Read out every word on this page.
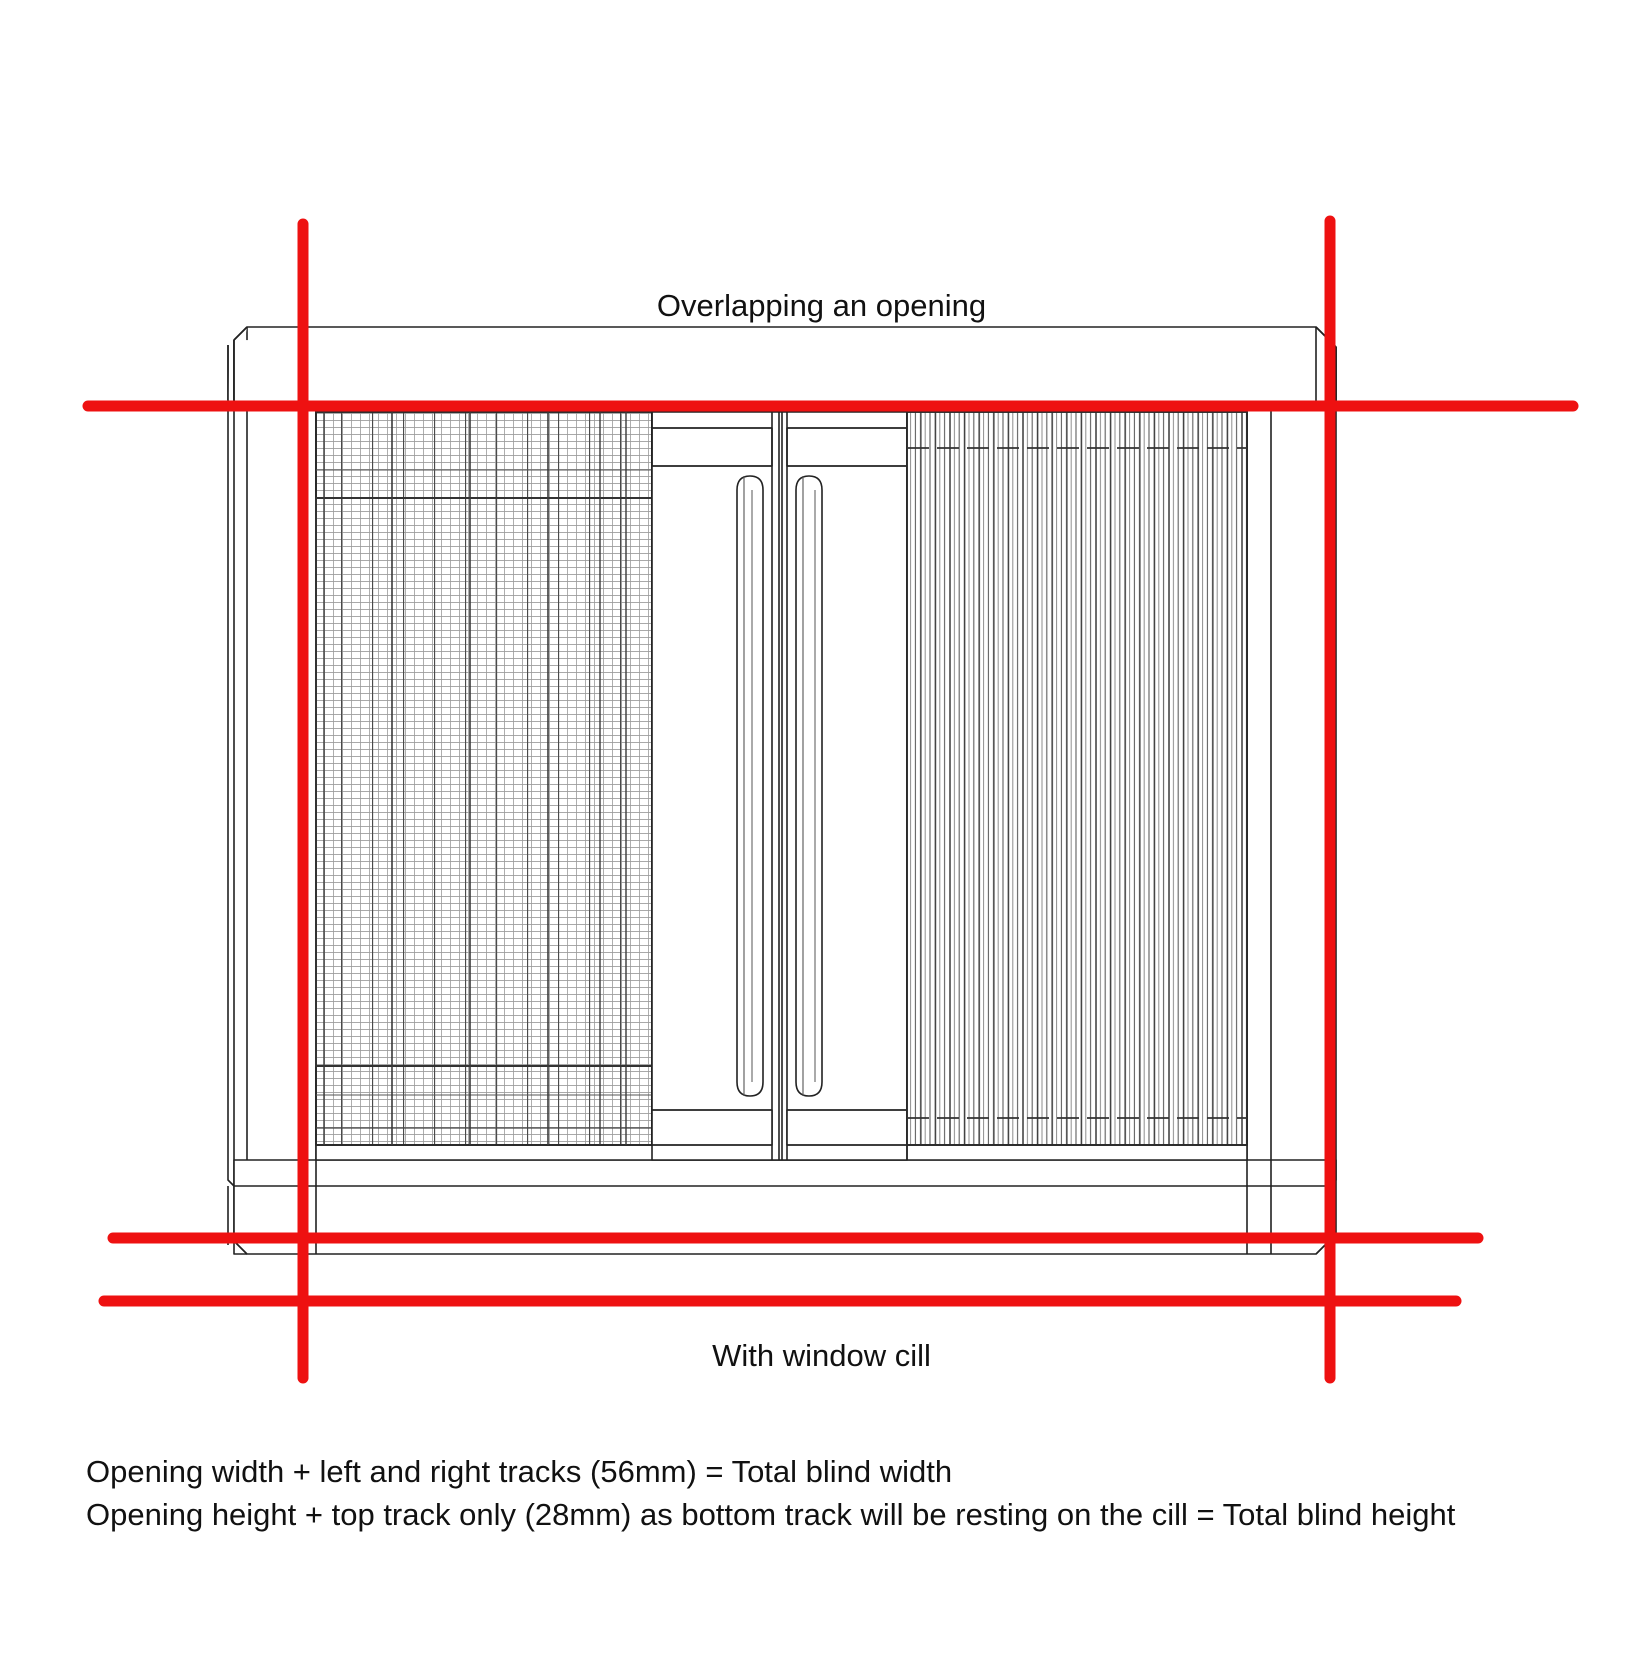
Overlapping an opening
With window cill
Opening width + left and right tracks (56mm) = Total blind width
Opening height + top track only (28mm) as bottom track will be resting on the cill = Total blind height
